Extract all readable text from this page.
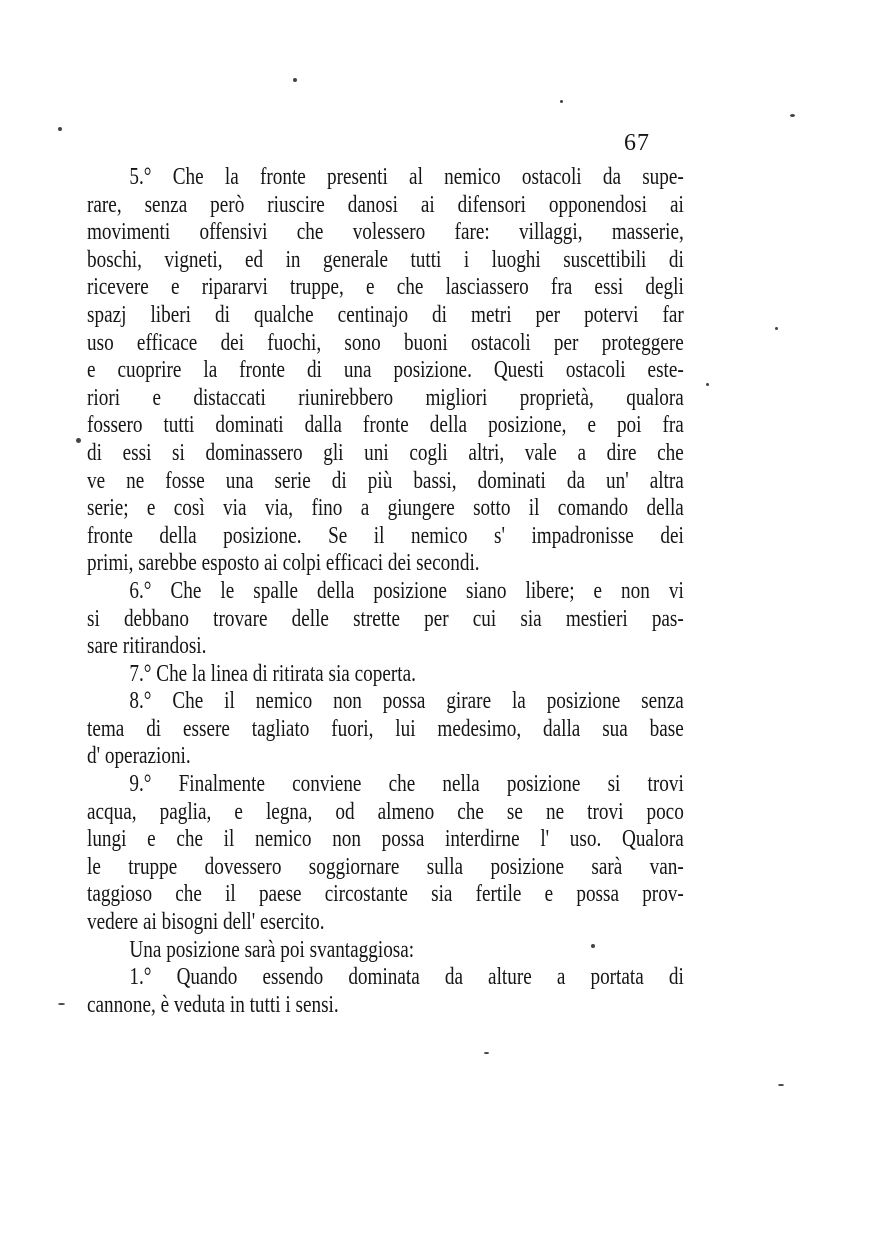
67
5.° Che la fronte presenti al nemico ostacoli da supe-
rare, senza però riuscire danosi ai difensori opponendosi ai
movimenti offensivi che volessero fare: villaggi, masserie,
boschi, vigneti, ed in generale tutti i luoghi suscettibili di
ricevere e ripararvi truppe, e che lasciassero fra essi degli
spazj liberi di qualche centinajo di metri per potervi far
uso efficace dei fuochi, sono buoni ostacoli per proteggere
e cuoprire la fronte di una posizione. Questi ostacoli este-
riori e distaccati riunirebbero migliori proprietà, qualora
fossero tutti dominati dalla fronte della posizione, e poi fra
di essi si dominassero gli uni cogli altri, vale a dire che
ve ne fosse una serie di più bassi, dominati da un' altra
serie; e così via via, fino a giungere sotto il comando della
fronte della posizione. Se il nemico s' impadronisse dei
primi, sarebbe esposto ai colpi efficaci dei secondi.
6.° Che le spalle della posizione siano libere; e non vi
si debbano trovare delle strette per cui sia mestieri pas-
sare ritirandosi.
7.° Che la linea di ritirata sia coperta.
8.° Che il nemico non possa girare la posizione senza
tema di essere tagliato fuori, lui medesimo, dalla sua base
d' operazioni.
9.° Finalmente conviene che nella posizione si trovi
acqua, paglia, e legna, od almeno che se ne trovi poco
lungi e che il nemico non possa interdirne l' uso. Qualora
le truppe dovessero soggiornare sulla posizione sarà van-
taggioso che il paese circostante sia fertile e possa prov-
vedere ai bisogni dell' esercito.
Una posizione sarà poi svantaggiosa:
1.° Quando essendo dominata da alture a portata di
cannone, è veduta in tutti i sensi.
